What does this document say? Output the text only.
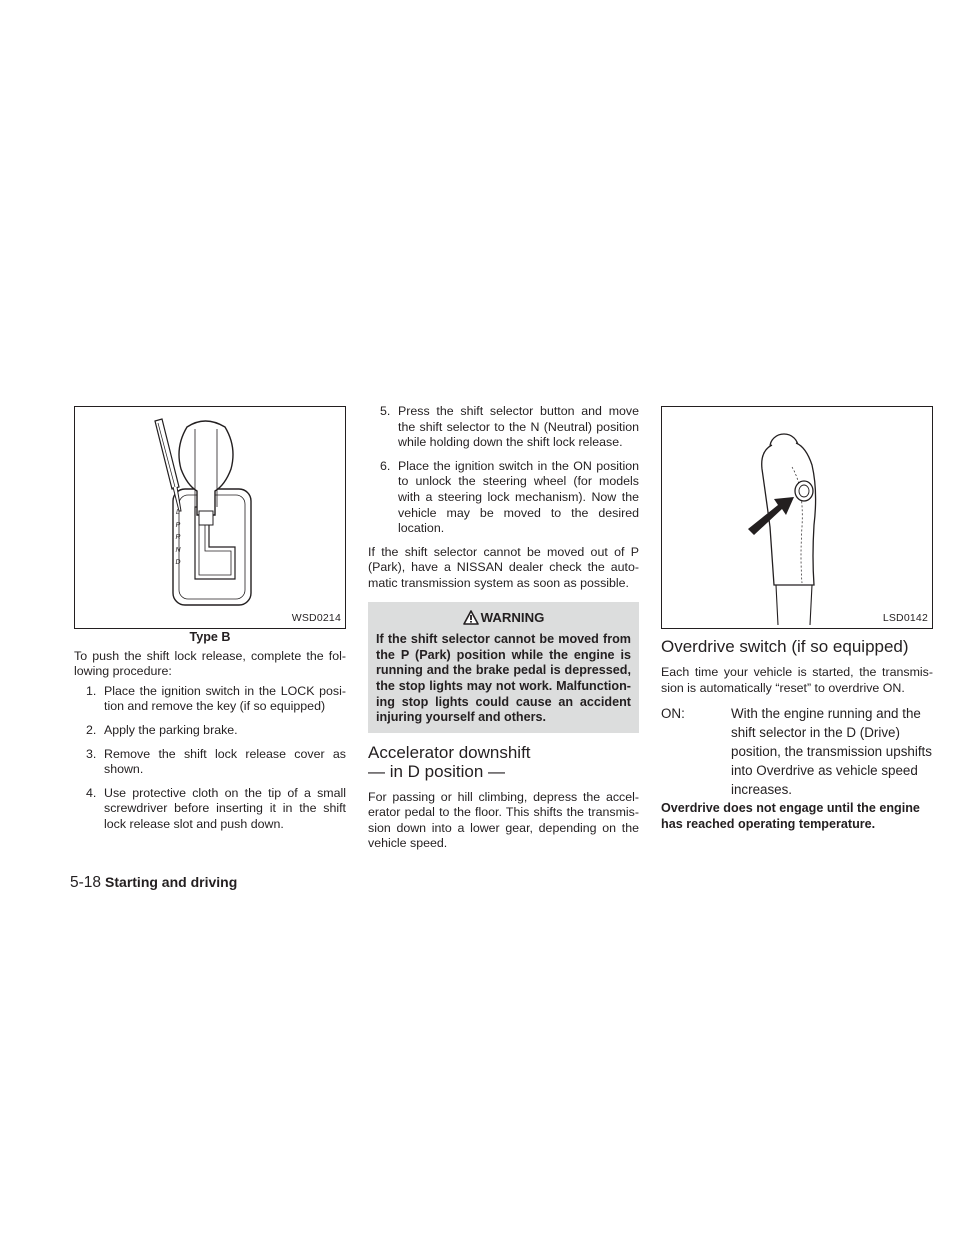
L
P
R
N
D
WSD0214
Type B

To push the shift lock release, complete the fol-lowing procedure:

1. Place the ignition switch in the LOCK posi-tion and remove the key (if so equipped)
2. Apply the parking brake.
3. Remove the shift lock release cover as shown.
4. Use protective cloth on the tip of a small screwdriver before inserting it in the shift lock release slot and push down.
5. Press the shift selector button and move the shift selector to the N (Neutral) position while holding down the shift lock release.
6. Place the ignition switch in the ON position to unlock the steering wheel (for models with a steering lock mechanism). Now the vehicle may be moved to the desired location.

If the shift selector cannot be moved out of P (Park), have a NISSAN dealer check the auto-matic transmission system as soon as possible.

WARNING
If the shift selector cannot be moved from the P (Park) position while the engine is running and the brake pedal is depressed, the stop lights may not work. Malfunction-ing stop lights could cause an accident injuring yourself and others.
Accelerator downshift
— in D position —

For passing or hill climbing, depress the accel-erator pedal to the floor. This shifts the transmis-sion down into a lower gear, depending on the vehicle speed.

LSD0142
Overdrive switch (if so equipped)

Each time your vehicle is started, the transmis-sion is automatically “reset” to overdrive ON.

ON:	With the engine running and the shift selector in the D (Drive) position, the transmission upshifts into Overdrive as vehicle speed increases.

Overdrive does not engage until the engine has reached operating temperature.

5-18 Starting and driving
